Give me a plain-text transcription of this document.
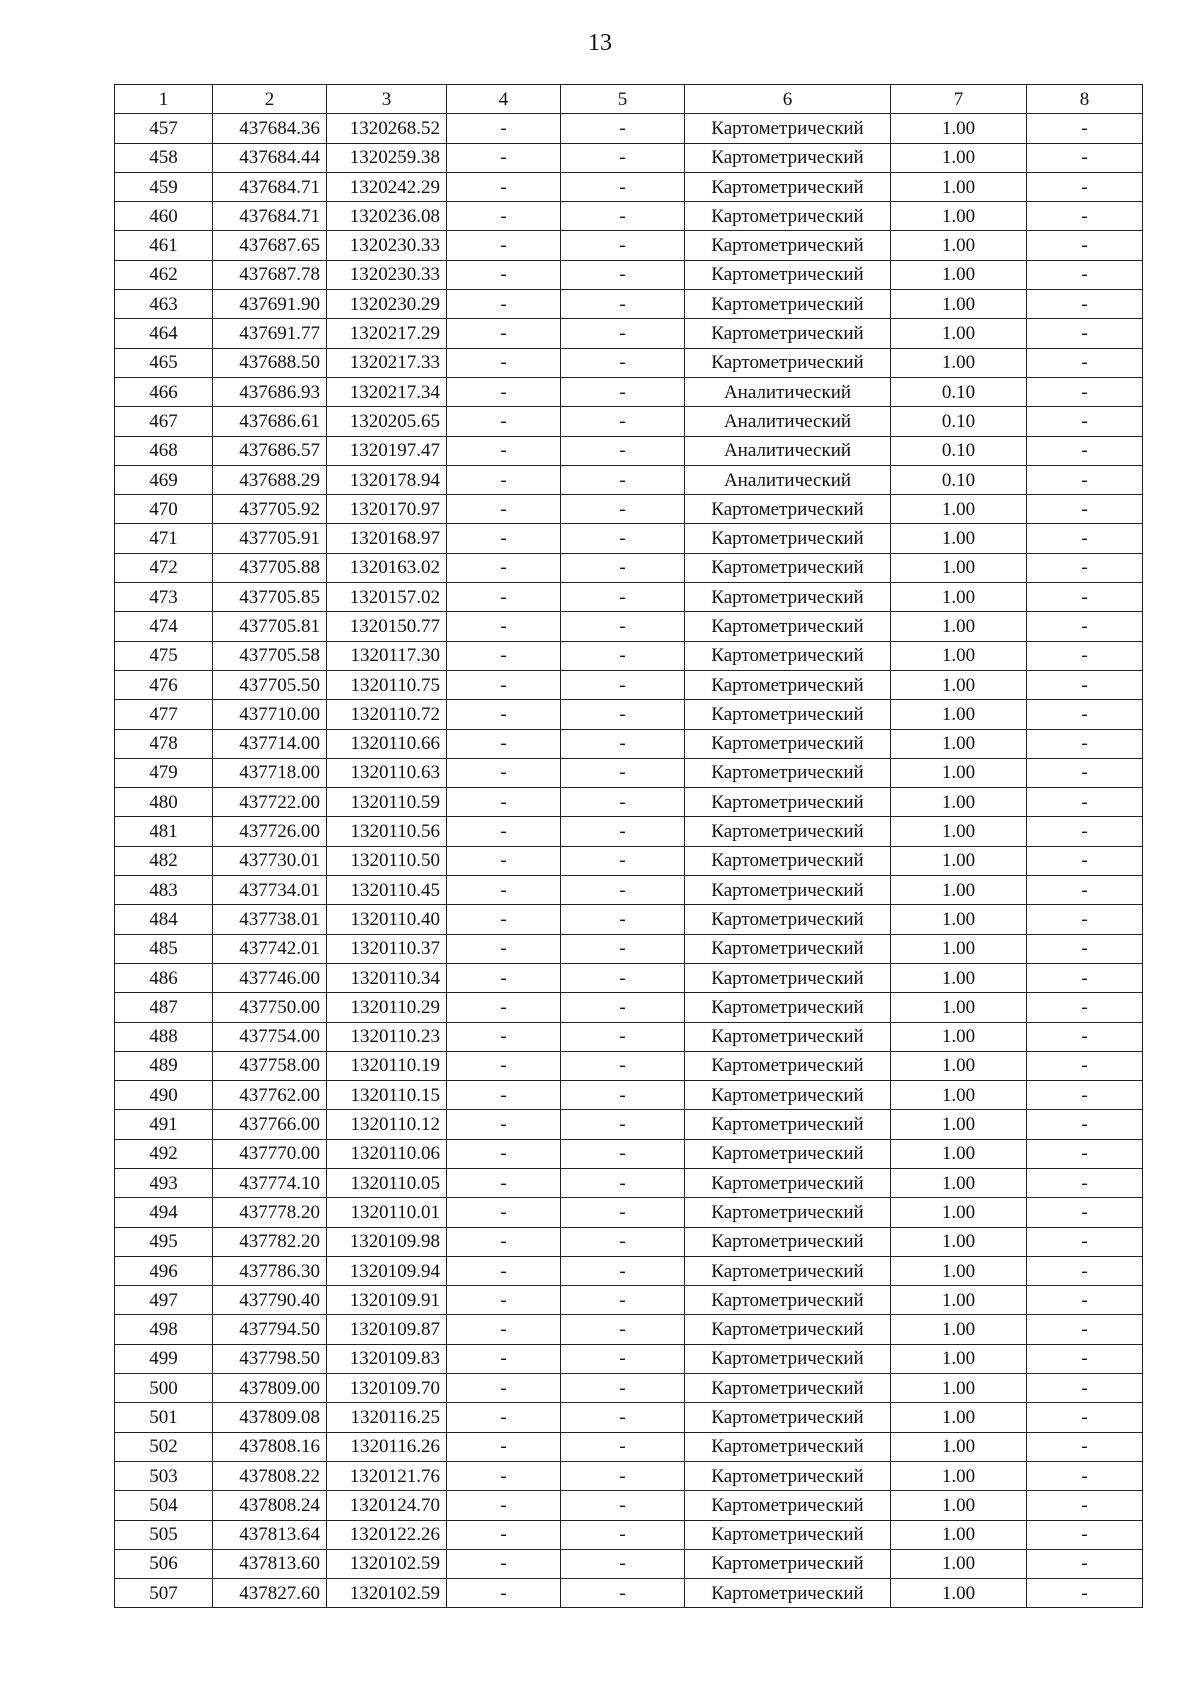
13
1	2	3	4	5	6	7	8
457	437684.36	1320268.52	-	-	Картометрический	1.00	-
458	437684.44	1320259.38	-	-	Картометрический	1.00	-
459	437684.71	1320242.29	-	-	Картометрический	1.00	-
460	437684.71	1320236.08	-	-	Картометрический	1.00	-
461	437687.65	1320230.33	-	-	Картометрический	1.00	-
462	437687.78	1320230.33	-	-	Картометрический	1.00	-
463	437691.90	1320230.29	-	-	Картометрический	1.00	-
464	437691.77	1320217.29	-	-	Картометрический	1.00	-
465	437688.50	1320217.33	-	-	Картометрический	1.00	-
466	437686.93	1320217.34	-	-	Аналитический	0.10	-
467	437686.61	1320205.65	-	-	Аналитический	0.10	-
468	437686.57	1320197.47	-	-	Аналитический	0.10	-
469	437688.29	1320178.94	-	-	Аналитический	0.10	-
470	437705.92	1320170.97	-	-	Картометрический	1.00	-
471	437705.91	1320168.97	-	-	Картометрический	1.00	-
472	437705.88	1320163.02	-	-	Картометрический	1.00	-
473	437705.85	1320157.02	-	-	Картометрический	1.00	-
474	437705.81	1320150.77	-	-	Картометрический	1.00	-
475	437705.58	1320117.30	-	-	Картометрический	1.00	-
476	437705.50	1320110.75	-	-	Картометрический	1.00	-
477	437710.00	1320110.72	-	-	Картометрический	1.00	-
478	437714.00	1320110.66	-	-	Картометрический	1.00	-
479	437718.00	1320110.63	-	-	Картометрический	1.00	-
480	437722.00	1320110.59	-	-	Картометрический	1.00	-
481	437726.00	1320110.56	-	-	Картометрический	1.00	-
482	437730.01	1320110.50	-	-	Картометрический	1.00	-
483	437734.01	1320110.45	-	-	Картометрический	1.00	-
484	437738.01	1320110.40	-	-	Картометрический	1.00	-
485	437742.01	1320110.37	-	-	Картометрический	1.00	-
486	437746.00	1320110.34	-	-	Картометрический	1.00	-
487	437750.00	1320110.29	-	-	Картометрический	1.00	-
488	437754.00	1320110.23	-	-	Картометрический	1.00	-
489	437758.00	1320110.19	-	-	Картометрический	1.00	-
490	437762.00	1320110.15	-	-	Картометрический	1.00	-
491	437766.00	1320110.12	-	-	Картометрический	1.00	-
492	437770.00	1320110.06	-	-	Картометрический	1.00	-
493	437774.10	1320110.05	-	-	Картометрический	1.00	-
494	437778.20	1320110.01	-	-	Картометрический	1.00	-
495	437782.20	1320109.98	-	-	Картометрический	1.00	-
496	437786.30	1320109.94	-	-	Картометрический	1.00	-
497	437790.40	1320109.91	-	-	Картометрический	1.00	-
498	437794.50	1320109.87	-	-	Картометрический	1.00	-
499	437798.50	1320109.83	-	-	Картометрический	1.00	-
500	437809.00	1320109.70	-	-	Картометрический	1.00	-
501	437809.08	1320116.25	-	-	Картометрический	1.00	-
502	437808.16	1320116.26	-	-	Картометрический	1.00	-
503	437808.22	1320121.76	-	-	Картометрический	1.00	-
504	437808.24	1320124.70	-	-	Картометрический	1.00	-
505	437813.64	1320122.26	-	-	Картометрический	1.00	-
506	437813.60	1320102.59	-	-	Картометрический	1.00	-
507	437827.60	1320102.59	-	-	Картометрический	1.00	-
